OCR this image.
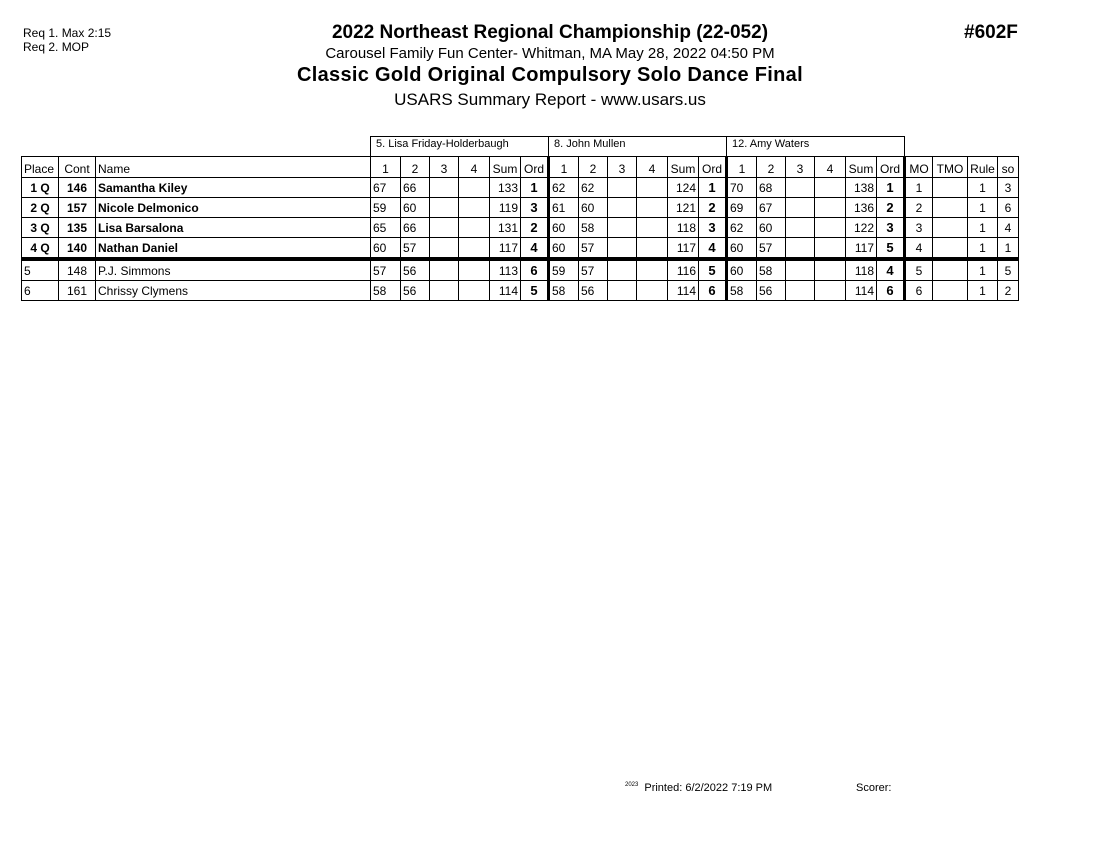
Req 1. Max 2:15
Req 2. MOP
#602F
2022 Northeast Regional Championship (22-052)
Carousel Family Fun Center- Whitman, MA May 28, 2022 04:50 PM
Classic Gold Original Compulsory Solo Dance Final
USARS Summary Report - www.usars.us
			5. Lisa Friday-Holderbaugh						8. John Mullen						12. Amy Waters									
Place	Cont	Name	1	2	3	4	Sum	Ord	1	2	3	4	Sum	Ord	1	2	3	4	Sum	Ord	MO	TMO	Rule	so
1 Q	146	Samantha Kiley	67	66			133	1	62	62			124	1	70	68			138	1	1		1	3
2 Q	157	Nicole Delmonico	59	60			119	3	61	60			121	2	69	67			136	2	2		1	6
3 Q	135	Lisa Barsalona	65	66			131	2	60	58			118	3	62	60			122	3	3		1	4
4 Q	140	Nathan Daniel	60	57			117	4	60	57			117	4	60	57			117	5	4		1	1
5	148	P.J. Simmons	57	56			113	6	59	57			116	5	60	58			118	4	5		1	5
6	161	Chrissy Clymens	58	56			114	5	58	56			114	6	58	56			114	6	6		1	2
$^{2023}$ Printed: 6/2/2022 7:19 PM	Scorer:
